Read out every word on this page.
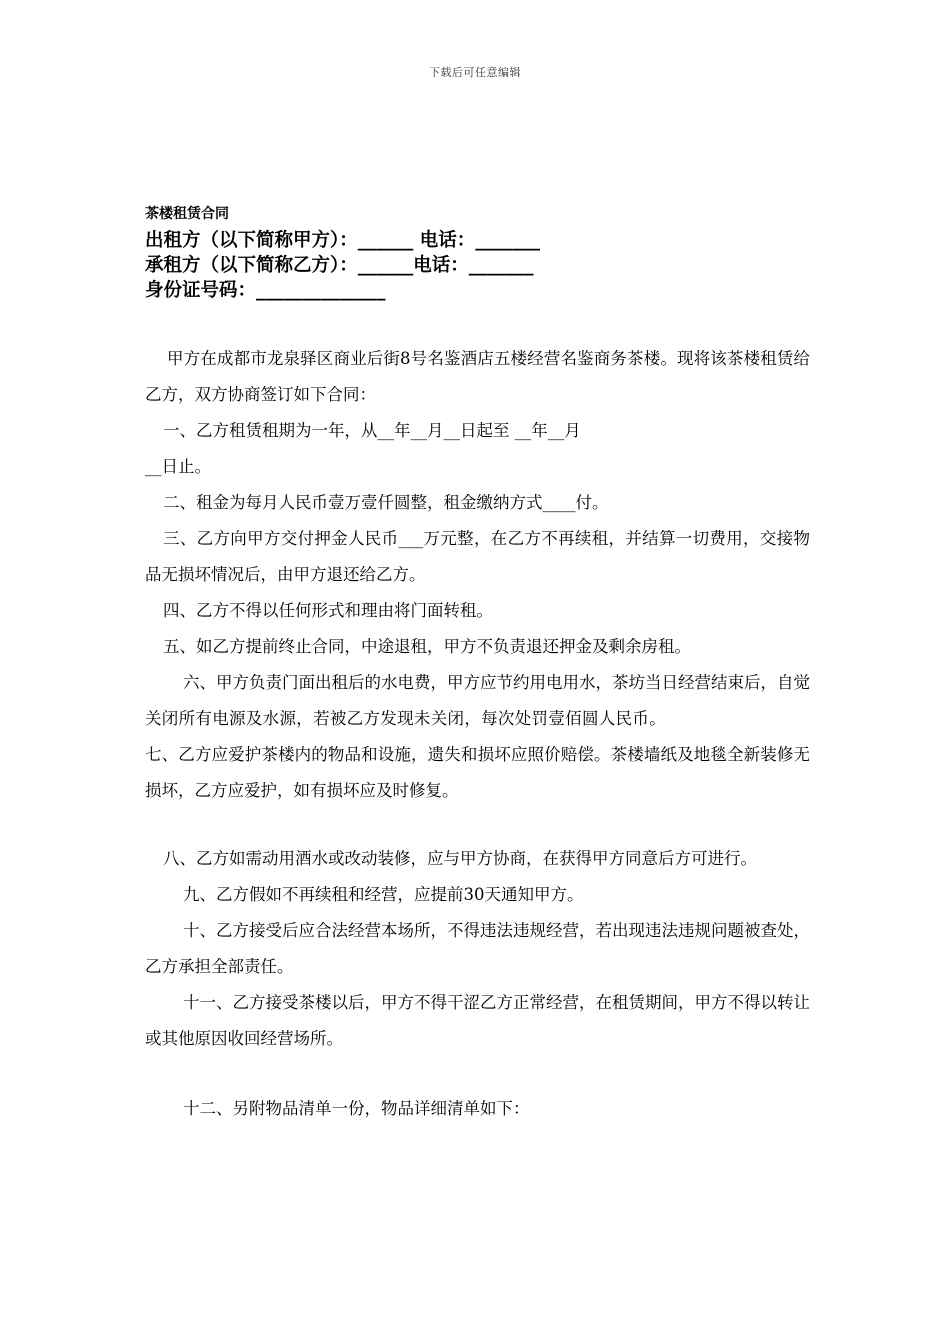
下载后可任意编辑

茶楼租赁合同

出租方（以下简称甲方）：______ 电话：_______

承租方（以下简称乙方）：______电话：_______

身份证号码：______________

甲方在成都市龙泉驿区商业后街8号名鉴酒店五楼经营名鉴商务茶楼。现将该茶楼租赁给乙方，双方协商签订如下合同：

一、乙方租赁租期为一年，从__年__月__日起至 __年__月

__日止。

二、租金为每月人民币壹万壹仟圆整，租金缴纳方式____付。

三、乙方向甲方交付押金人民币___万元整，在乙方不再续租，并结算一切费用，交接物品无损坏情况后，由甲方退还给乙方。

四、乙方不得以任何形式和理由将门面转租。

五、如乙方提前终止合同，中途退租，甲方不负责退还押金及剩余房租。

六、甲方负责门面出租后的水电费，甲方应节约用电用水，茶坊当日经营结束后，自觉关闭所有电源及水源，若被乙方发现未关闭，每次处罚壹佰圆人民币。七、乙方应爱护茶楼内的物品和设施，遗失和损坏应照价赔偿。茶楼墙纸及地毯全新装修无损坏，乙方应爱护，如有损坏应及时修复。

八、乙方如需动用酒水或改动装修，应与甲方协商，在获得甲方同意后方可进行。

九、乙方假如不再续租和经营，应提前30天通知甲方。

十、乙方接受后应合法经营本场所，不得违法违规经营，若出现违法违规问题被查处，乙方承担全部责任。

十一、乙方接受茶楼以后，甲方不得干涩乙方正常经营，在租赁期间，甲方不得以转让或其他原因收回经营场所。

十二、另附物品清单一份，物品详细清单如下：
